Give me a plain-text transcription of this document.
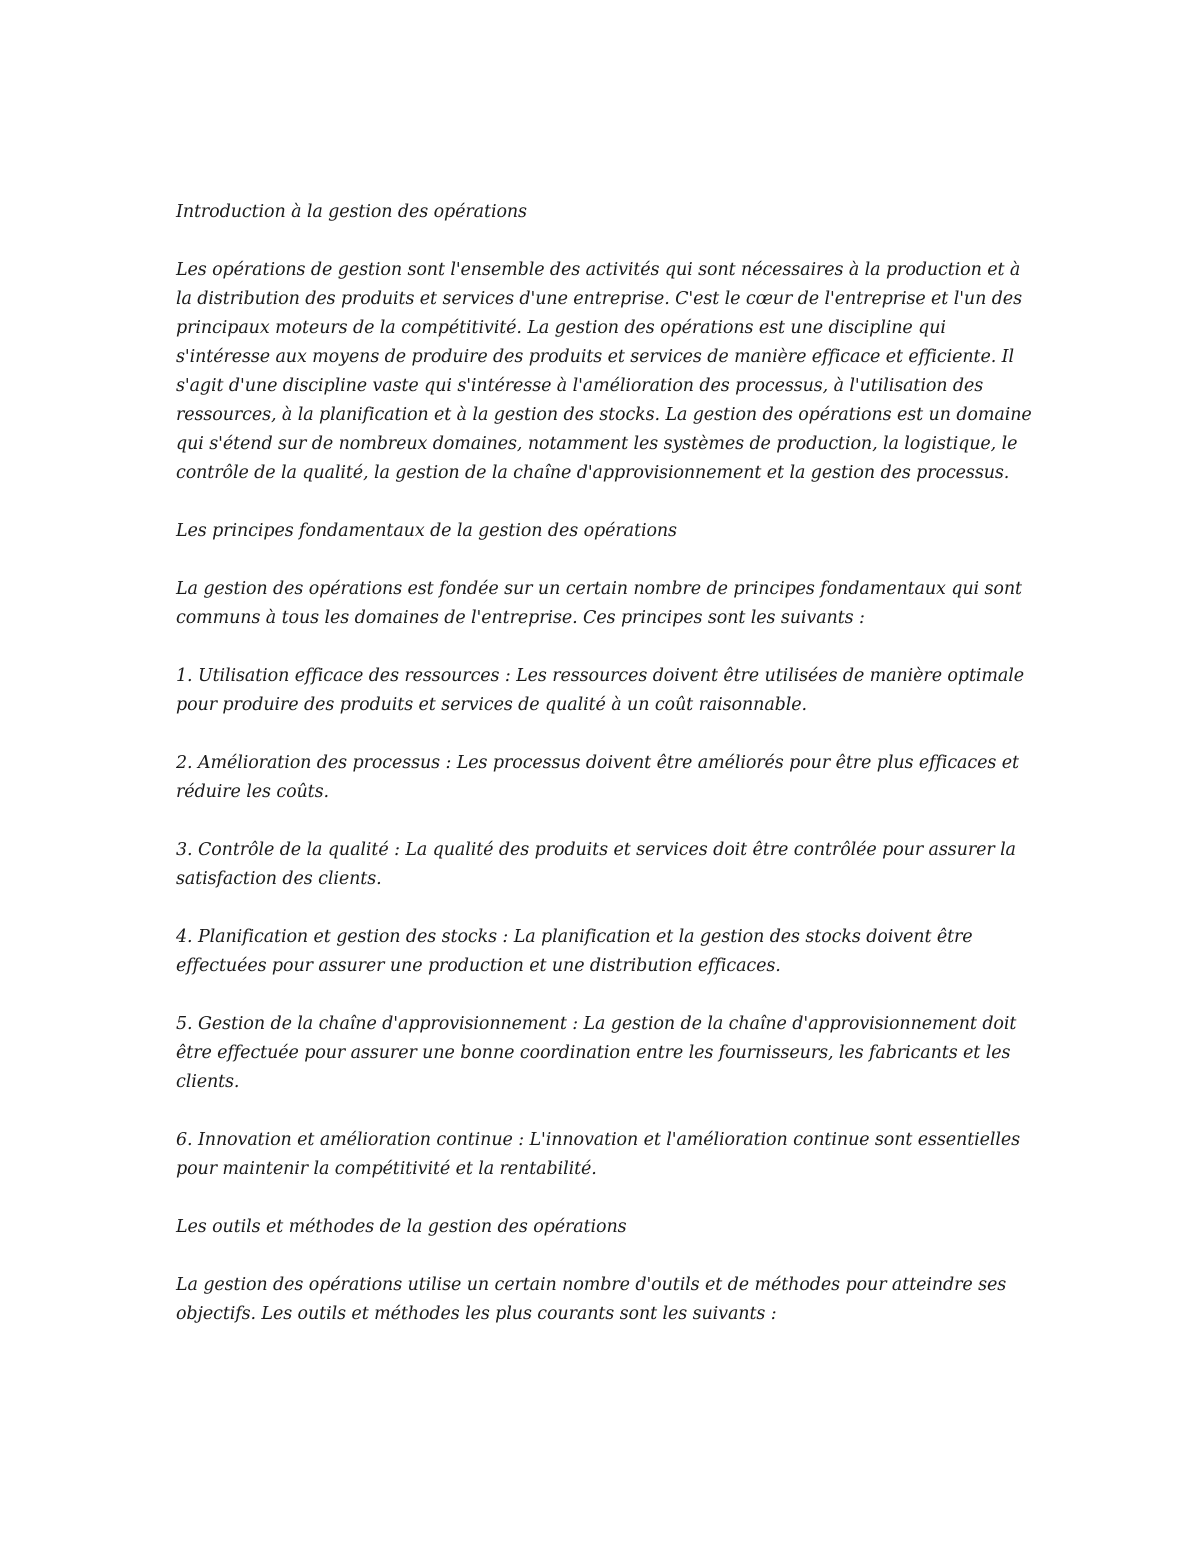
Introduction à la gestion des opérations

Les opérations de gestion sont l'ensemble des activités qui sont nécessaires à la production et à la distribution des produits et services d'une entreprise. C'est le cœur de l'entreprise et l'un des principaux moteurs de la compétitivité. La gestion des opérations est une discipline qui s'intéresse aux moyens de produire des produits et services de manière efficace et efficiente. Il s'agit d'une discipline vaste qui s'intéresse à l'amélioration des processus, à l'utilisation des ressources, à la planification et à la gestion des stocks. La gestion des opérations est un domaine qui s'étend sur de nombreux domaines, notamment les systèmes de production, la logistique, le contrôle de la qualité, la gestion de la chaîne d'approvisionnement et la gestion des processus.

Les principes fondamentaux de la gestion des opérations

La gestion des opérations est fondée sur un certain nombre de principes fondamentaux qui sont communs à tous les domaines de l'entreprise. Ces principes sont les suivants :

1. Utilisation efficace des ressources : Les ressources doivent être utilisées de manière optimale pour produire des produits et services de qualité à un coût raisonnable.

2. Amélioration des processus : Les processus doivent être améliorés pour être plus efficaces et réduire les coûts.

3. Contrôle de la qualité : La qualité des produits et services doit être contrôlée pour assurer la satisfaction des clients.

4. Planification et gestion des stocks : La planification et la gestion des stocks doivent être effectuées pour assurer une production et une distribution efficaces.

5. Gestion de la chaîne d'approvisionnement : La gestion de la chaîne d'approvisionnement doit être effectuée pour assurer une bonne coordination entre les fournisseurs, les fabricants et les clients.

6. Innovation et amélioration continue : L'innovation et l'amélioration continue sont essentielles pour maintenir la compétitivité et la rentabilité.

Les outils et méthodes de la gestion des opérations

La gestion des opérations utilise un certain nombre d'outils et de méthodes pour atteindre ses objectifs. Les outils et méthodes les plus courants sont les suivants :
